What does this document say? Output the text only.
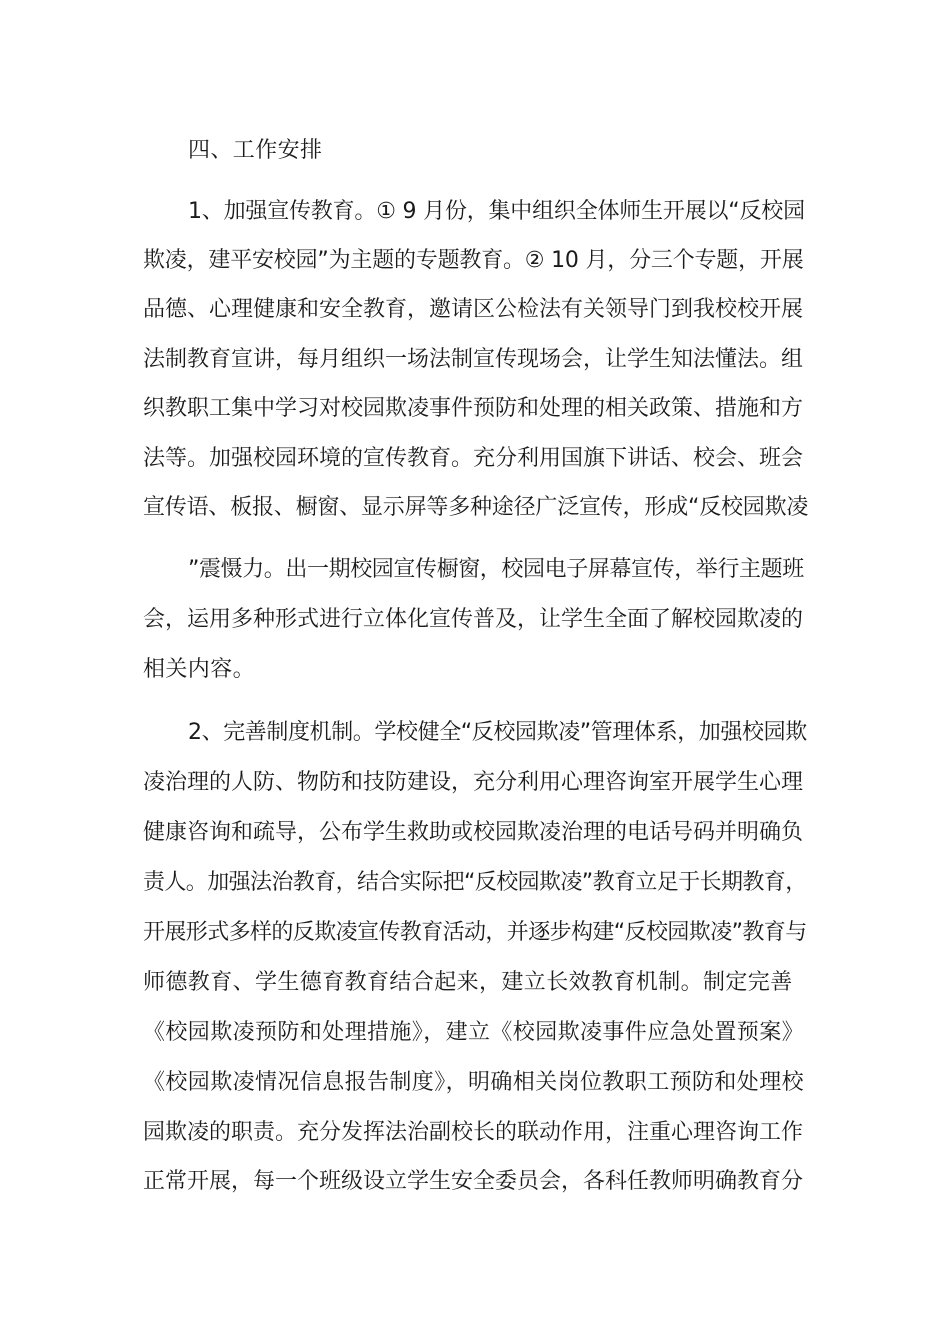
四、工作安排
1、加强宣传教育。① 9 月份，集中组织全体师生开展以“反校园
欺凌，建平安校园”为主题的专题教育。② 10 月，分三个专题，开展
品德、心理健康和安全教育，邀请区公检法有关领导门到我校校开展
法制教育宣讲，每月组织一场法制宣传现场会，让学生知法懂法。组
织教职工集中学习对校园欺凌事件预防和处理的相关政策、措施和方
法等。加强校园环境的宣传教育。充分利用国旗下讲话、校会、班会
宣传语、板报、橱窗、显示屏等多种途径广泛宣传，形成“反校园欺凌
”震慑力。出一期校园宣传橱窗，校园电子屏幕宣传，举行主题班
会，运用多种形式进行立体化宣传普及，让学生全面了解校园欺凌的
相关内容。
2、完善制度机制。学校健全“反校园欺凌”管理体系，加强校园欺
凌治理的人防、物防和技防建设，充分利用心理咨询室开展学生心理
健康咨询和疏导，公布学生救助或校园欺凌治理的电话号码并明确负
责人。加强法治教育，结合实际把“反校园欺凌”教育立足于长期教育，
开展形式多样的反欺凌宣传教育活动，并逐步构建“反校园欺凌”教育与
师德教育、学生德育教育结合起来，建立长效教育机制。制定完善
《校园欺凌预防和处理措施》，建立《校园欺凌事件应急处置预案》
《校园欺凌情况信息报告制度》，明确相关岗位教职工预防和处理校
园欺凌的职责。充分发挥法治副校长的联动作用，注重心理咨询工作
正常开展，每一个班级设立学生安全委员会，各科任教师明确教育分
